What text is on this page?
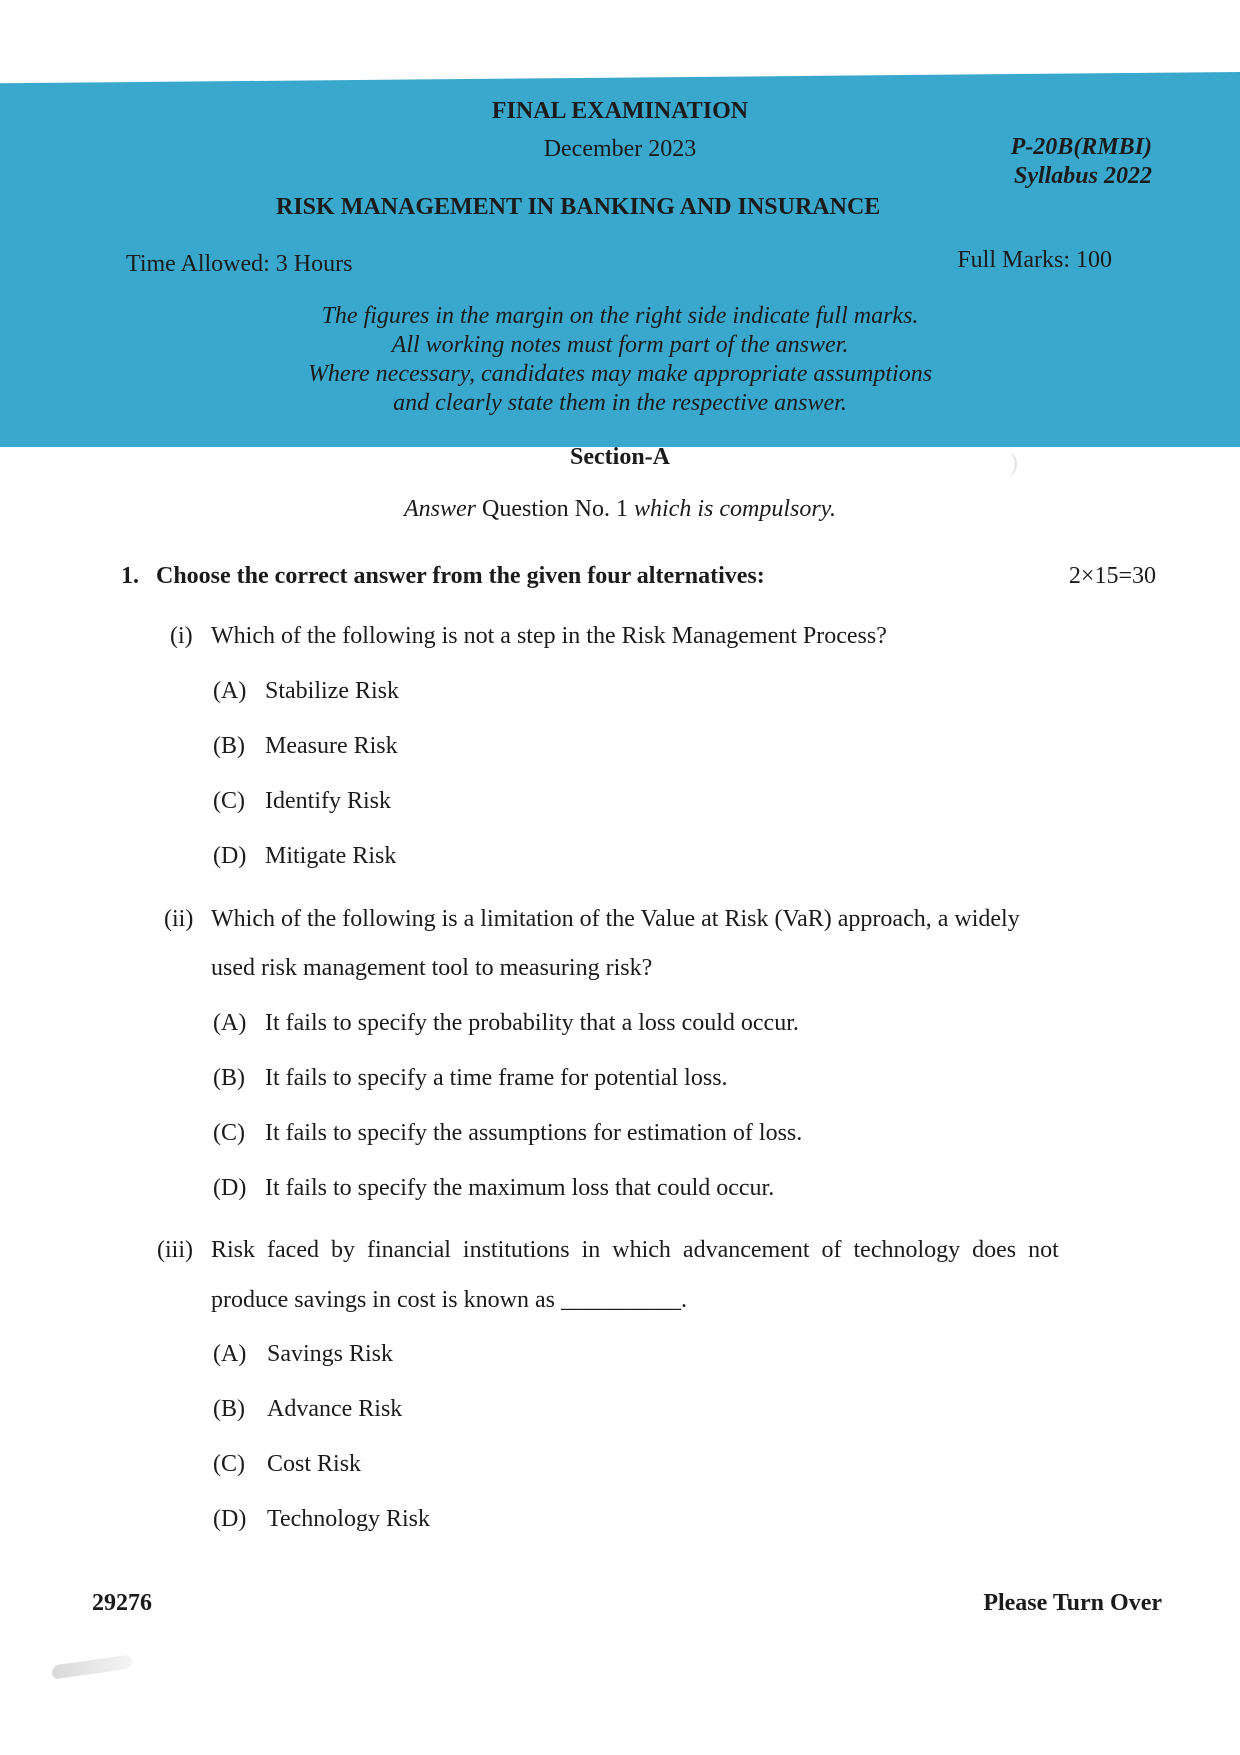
(
FINAL EXAMINATION
December 2023	P-20B(RMBI)
Syllabus 2022
RISK MANAGEMENT IN BANKING AND INSURANCE
Time Allowed: 3 Hours	Full Marks: 100
The figures in the margin on the right side indicate full marks.
All working notes must form part of the answer.
Where necessary, candidates may make appropriate assumptions
and clearly state them in the respective answer.
Section-A
Answer Question No. 1 which is compulsory.
1. Choose the correct answer from the given four alternatives:	2×15=30
(i) Which of the following is not a step in the Risk Management Process?
(A) Stabilize Risk
(B) Measure Risk
(C) Identify Risk
(D) Mitigate Risk
(ii) Which of the following is a limitation of the Value at Risk (VaR) approach, a widely
used risk management tool to measuring risk?
(A) It fails to specify the probability that a loss could occur.
(B) It fails to specify a time frame for potential loss.
(C) It fails to specify the assumptions for estimation of loss.
(D) It fails to specify the maximum loss that could occur.
(iii) Risk faced by financial institutions in which advancement of technology does not
produce savings in cost is known as __________.
(A) Savings Risk
(B) Advance Risk
(C) Cost Risk
(D) Technology Risk
29276	Please Turn Over
